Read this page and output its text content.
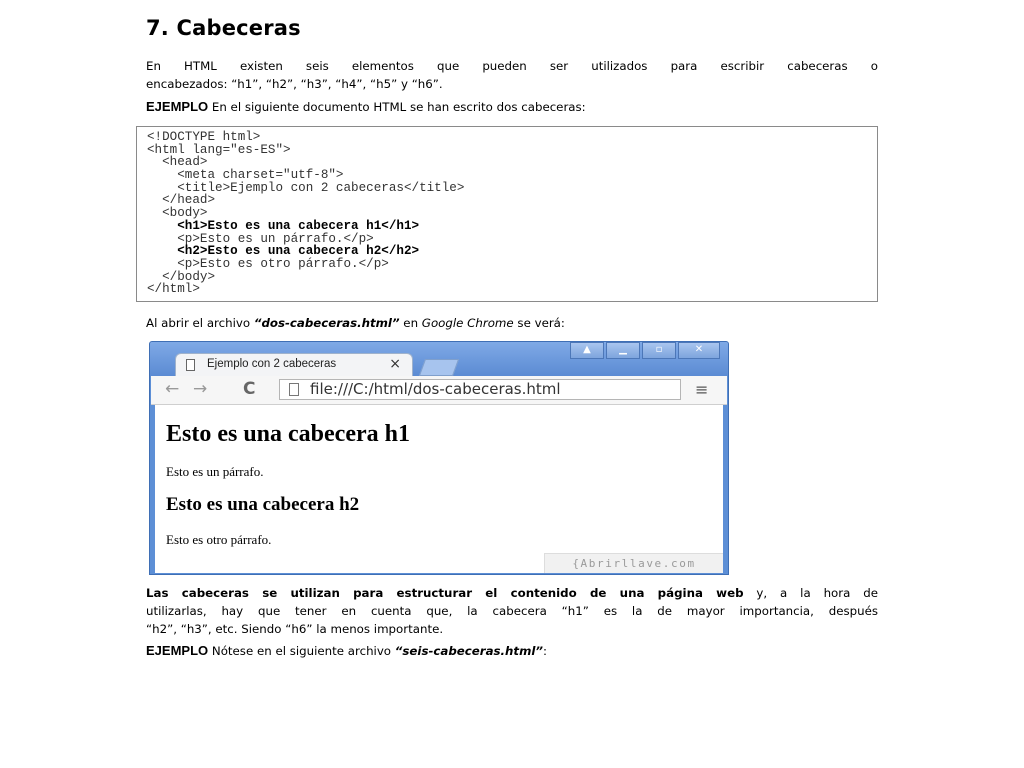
7. Cabeceras

En HTML existen seis elementos que pueden ser utilizados para escribir cabeceras o
encabezados: “h1”, “h2”, “h3”, “h4”, “h5” y “h6”.

EJEMPLO En el siguiente documento HTML se han escrito dos cabeceras:

<!DOCTYPE html>
<html lang="es-ES">
<head>
<meta charset="utf-8">
<title>Ejemplo con 2 cabeceras</title>
</head>
<body>
<h1>Esto es una cabecera h1</h1>
<p>Esto es un párrafo.</p>
<h2>Esto es una cabecera h2</h2>
<p>Esto es otro párrafo.</p>
</body>
</html>

Al abrir el archivo “dos-cabeceras.html” en Google Chrome se verá:

Las cabeceras se utilizan para estructurar el contenido de una página web y, a la hora de
utilizarlas, hay que tener en cuenta que, la cabecera “h1” es la de mayor importancia, después
“h2”, “h3”, etc. Siendo “h6” la menos importante.

EJEMPLO Nótese en el siguiente archivo “seis-cabeceras.html”:

Ejemplo con 2 cabeceras	×
▲	▁	▫	✕
← → C	file:///C:/html/dos-cabeceras.html	≡
Esto es una cabecera h1

Esto es un párrafo.

Esto es una cabecera h2

Esto es otro párrafo.

{Abrirllave.com
